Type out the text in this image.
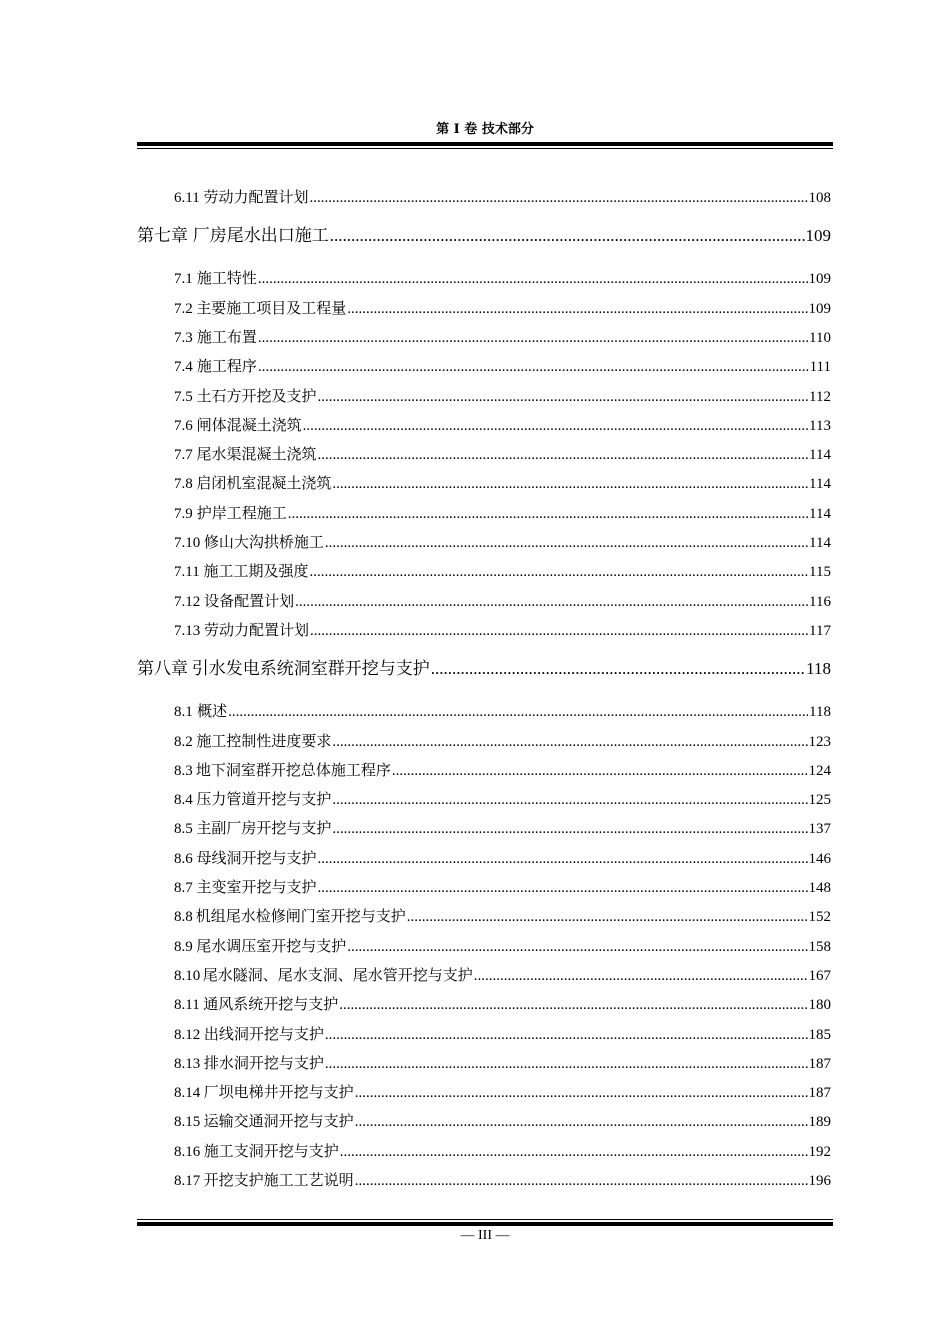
第 I 卷 技术部分
6.11 劳动力配置计划 .....	108
第七章 厂房尾水出口施工 .....	109
7.1 施工特性 .....	109
7.2 主要施工项目及工程量 .....	109
7.3 施工布置 .....	110
7.4 施工程序 .....	111
7.5 土石方开挖及支护 .....	112
7.6 闸体混凝土浇筑 .....	113
7.7 尾水渠混凝土浇筑 .....	114
7.8 启闭机室混凝土浇筑 .....	114
7.9 护岸工程施工 .....	114
7.10 修山大沟拱桥施工 .....	114
7.11 施工工期及强度 .....	115
7.12 设备配置计划 .....	116
7.13 劳动力配置计划 .....	117
第八章 引水发电系统洞室群开挖与支护 .....	118
8.1 概述 .....	118
8.2 施工控制性进度要求 .....	123
8.3 地下洞室群开挖总体施工程序 .....	124
8.4 压力管道开挖与支护 .....	125
8.5 主副厂房开挖与支护 .....	137
8.6 母线洞开挖与支护 .....	146
8.7 主变室开挖与支护 .....	148
8.8 机组尾水检修闸门室开挖与支护 .....	152
8.9 尾水调压室开挖与支护 .....	158
8.10 尾水隧洞、尾水支洞、尾水管开挖与支护 .....	167
8.11 通风系统开挖与支护 .....	180
8.12 出线洞开挖与支护 .....	185
8.13 排水洞开挖与支护 .....	187
8.14 厂坝电梯井开挖与支护 .....	187
8.15 运输交通洞开挖与支护 .....	189
8.16 施工支洞开挖与支护 .....	192
8.17 开挖支护施工工艺说明 .....	196
— III —
